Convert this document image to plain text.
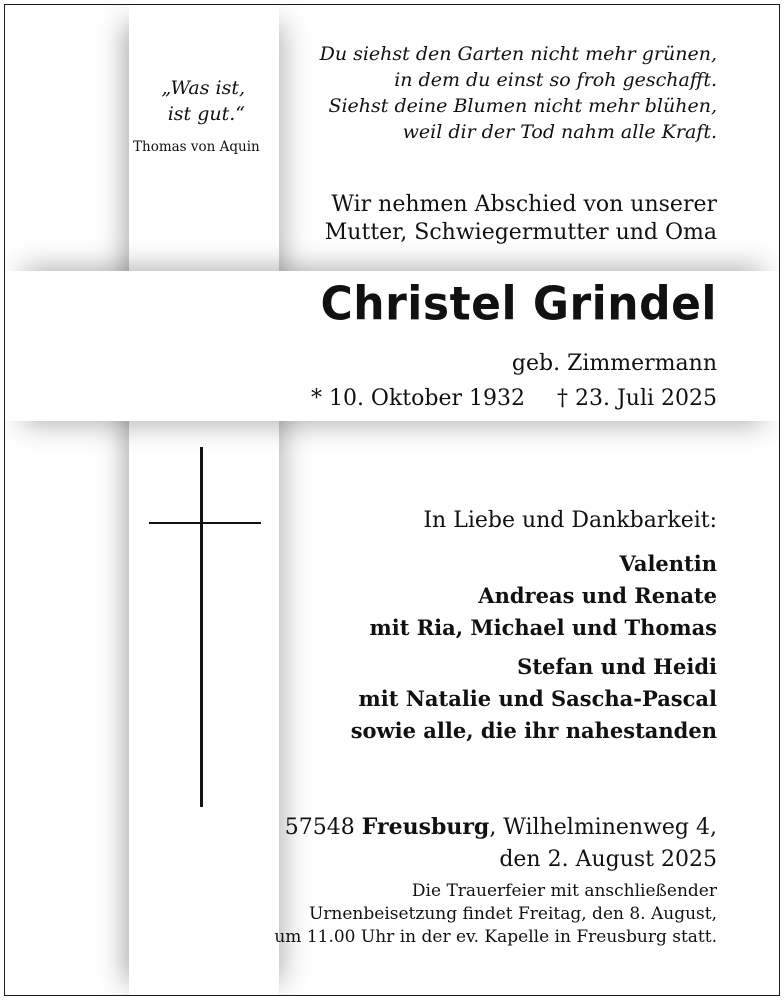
Du siehst den Garten nicht mehr grünen,
in dem du einst so froh geschafft.
Siehst deine Blumen nicht mehr blühen,
weil dir der Tod nahm alle Kraft.
„Was ist,
ist gut.“
Thomas von Aquin
Wir nehmen Abschied von unserer
Mutter, Schwiegermutter und Oma
Christel Grindel
geb. Zimmermann
* 10. Oktober 1932 † 23. Juli 2025
In Liebe und Dankbarkeit:
Valentin
Andreas und Renate
mit Ria, Michael und Thomas
Stefan und Heidi
mit Natalie und Sascha-Pascal
sowie alle, die ihr nahestanden
57548 Freusburg, Wilhelminenweg 4,
den 2. August 2025
Die Trauerfeier mit anschließender
Urnenbeisetzung findet Freitag, den 8. August,
um 11.00 Uhr in der ev. Kapelle in Freusburg statt.
